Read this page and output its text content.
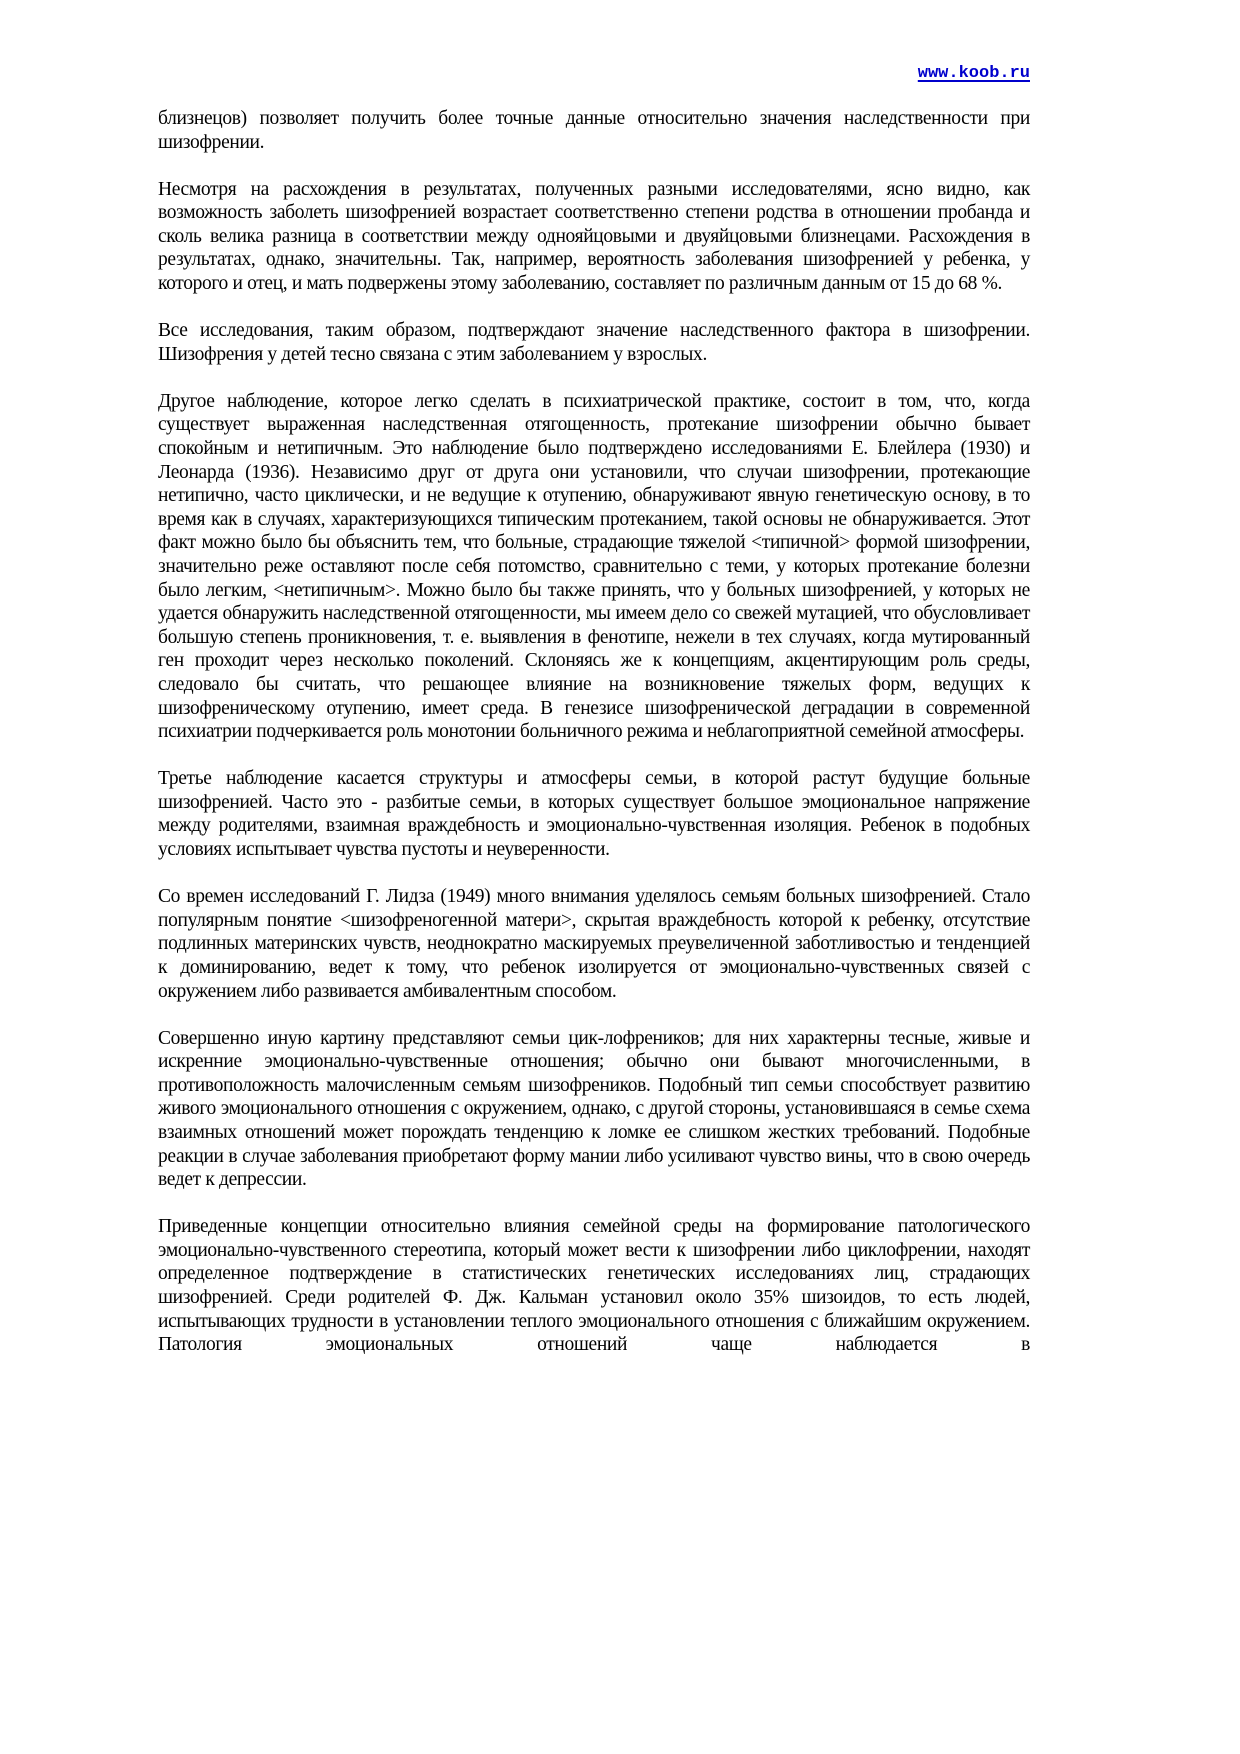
www.koob.ru

близнецов) позволяет получить более точные данные относительно значения наследственности при шизофрении.

Несмотря на расхождения в результатах, полученных разными исследователями, ясно видно, как возможность заболеть шизофренией возрастает соответственно степени родства в отношении пробанда и сколь велика разница в соответствии между однояйцовыми и двуяйцовыми близнецами. Расхождения в результатах, однако, значительны. Так, например, вероятность заболевания шизофренией у ребенка, у которого и отец, и мать подвержены этому заболеванию, составляет по различным данным от 15 до 68 %.

Все исследования, таким образом, подтверждают значение наследственного фактора в шизофрении. Шизофрения у детей тесно связана с этим заболеванием у взрослых.

Другое наблюдение, которое легко сделать в психиатрической практике, состоит в том, что, когда существует выраженная наследственная отягощенность, протекание шизофрении обычно бывает спокойным и нетипичным. Это наблюдение было подтверждено исследованиями Е. Блейлера (1930) и Леонарда (1936). Независимо друг от друга они установили, что случаи шизофрении, протекающие нетипично, часто циклически, и не ведущие к отупению, обнаруживают явную генетическую основу, в то время как в случаях, характеризующихся типическим протеканием, такой основы не обнаруживается. Этот факт можно было бы объяснить тем, что больные, страдающие тяжелой <типичной> формой шизофрении, значительно реже оставляют после себя потомство, сравнительно с теми, у которых протекание болезни было легким, <нетипичным>. Можно было бы также принять, что у больных шизофренией, у которых не удается обнаружить наследственной отягощенности, мы имеем дело со свежей мутацией, что обусловливает большую степень проникновения, т. е. выявления в фенотипе, нежели в тех случаях, когда мутированный ген проходит через несколько поколений. Склоняясь же к концепциям, акцентирующим роль среды, следовало бы считать, что решающее влияние на возникновение тяжелых форм, ведущих к шизофреническому отупению, имеет среда. В генезисе шизофренической деградации в современной психиатрии подчеркивается роль монотонии больничного режима и неблагоприятной семейной атмосферы.

Третье наблюдение касается структуры и атмосферы семьи, в которой растут будущие больные шизофренией. Часто это - разбитые семьи, в которых существует большое эмоциональное напряжение между родителями, взаимная враждебность и эмоционально-чувственная изоляция. Ребенок в подобных условиях испытывает чувства пустоты и неуверенности.

Со времен исследований Г. Лидза (1949) много внимания уделялось семьям больных шизофренией. Стало популярным понятие <шизофреногенной матери>, скрытая враждебность которой к ребенку, отсутствие подлинных материнских чувств, неоднократно маскируемых преувеличенной заботливостью и тенденцией к доминированию, ведет к тому, что ребенок изолируется от эмоционально-чувственных связей с окружением либо развивается амбивалентным способом.

Совершенно иную картину представляют семьи цик-лофреников; для них характерны тесные, живые и искренние эмоционально-чувственные отношения; обычно они бывают многочисленными, в противоположность малочисленным семьям шизофреников. Подобный тип семьи способствует развитию живого эмоционального отношения с окружением, однако, с другой стороны, установившаяся в семье схема взаимных отношений может порождать тенденцию к ломке ее слишком жестких требований. Подобные реакции в случае заболевания приобретают форму мании либо усиливают чувство вины, что в свою очередь ведет к депрессии.

Приведенные концепции относительно влияния семейной среды на формирование патологического эмоционально-чувственного стереотипа, который может вести к шизофрении либо циклофрении, находят определенное подтверждение в статистических генетических исследованиях лиц, страдающих шизофренией. Среди родителей Ф. Дж. Кальман установил около 35% шизоидов, то есть людей, испытывающих трудности в установлении теплого эмоционального отношения с ближайшим окружением. Патология эмоциональных отношений чаще наблюдается в
